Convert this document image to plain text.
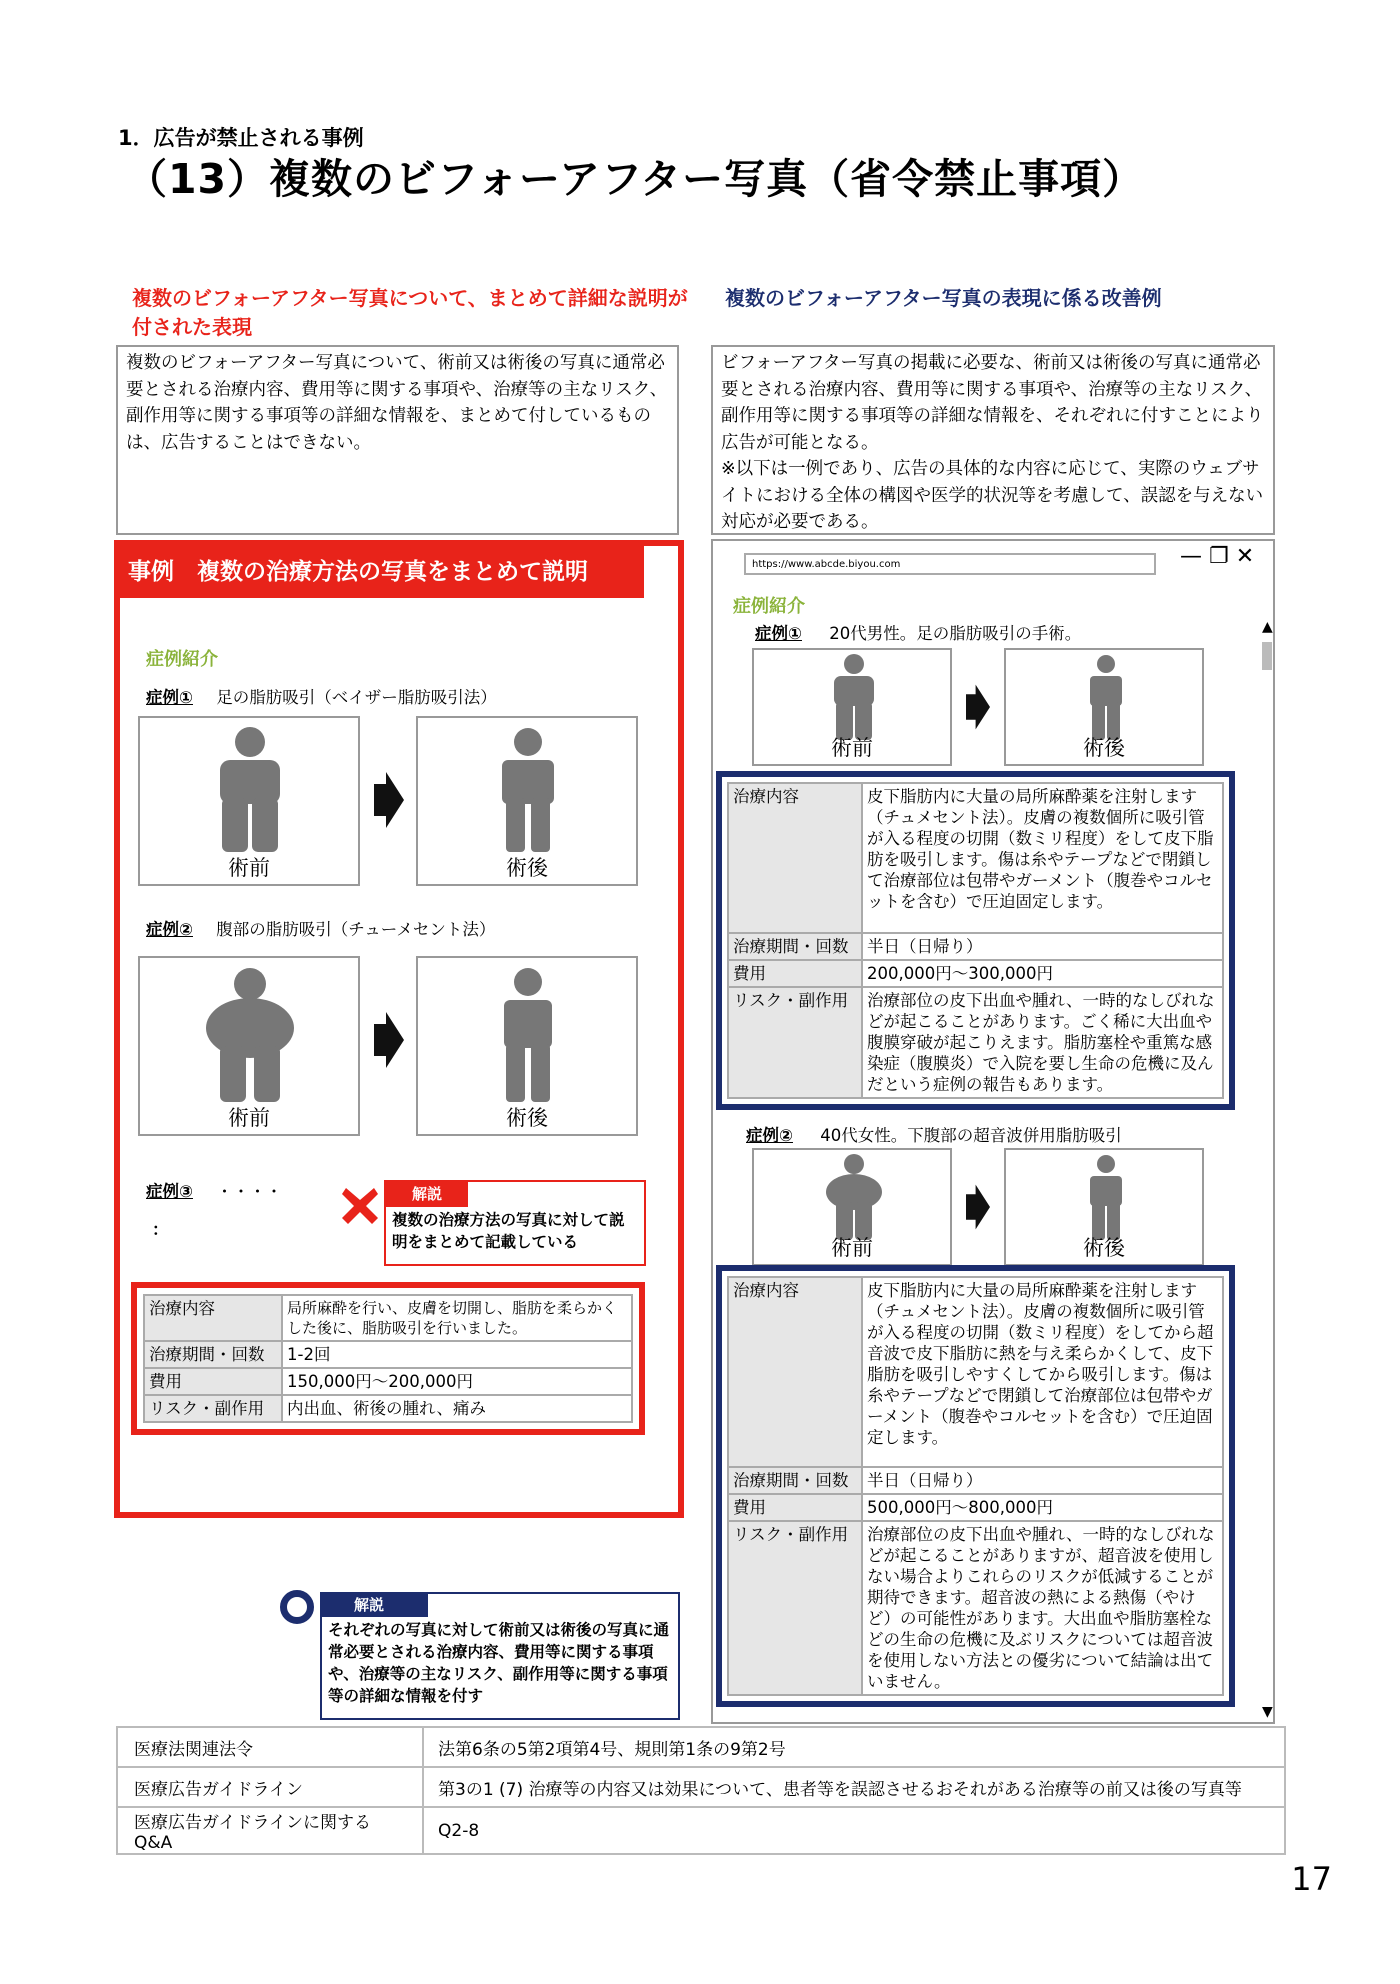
1．広告が禁止される事例
（13）複数のビフォーアフター写真（省令禁止事項）
複数のビフォーアフター写真について、まとめて詳細な説明が付された表現
複数のビフォーアフター写真の表現に係る改善例
複数のビフォーアフター写真について、術前又は術後の写真に通常必要とされる治療内容、費用等に関する事項や、治療等の主なリスク、副作用等に関する事項等の詳細な情報を、まとめて付しているものは、広告することはできない。
ビフォーアフター写真の掲載に必要な、術前又は術後の写真に通常必要とされる治療内容、費用等に関する事項や、治療等の主なリスク、副作用等に関する事項等の詳細な情報を、それぞれに付すことにより広告が可能となる。
※以下は一例であり、広告の具体的な内容に応じて、実際のウェブサイトにおける全体の構図や医学的状況等を考慮して、誤認を与えない対応が必要である。
事例　複数の治療方法の写真をまとめて説明
症例紹介
症例① 足の脂肪吸引（ベイザー脂肪吸引法）
術前	術後
症例② 腹部の脂肪吸引（チューメセント法）
術前	術後
症例③ ・・・・
：
解説
複数の治療方法の写真に対して説明をまとめて記載している
治療内容	局所麻酔を行い、皮膚を切開し、脂肪を柔らかくした後に、脂肪吸引を行いました。
治療期間・回数	1-2回
費用	150,000円～200,000円
リスク・副作用	内出血、術後の腫れ、痛み
解説
それぞれの写真に対して術前又は術後の写真に通常必要とされる治療内容、費用等に関する事項や、治療等の主なリスク、副作用等に関する事項等の詳細な情報を付す
https://www.abcde.biyou.com	— ❐ ✕
▲
▼
症例紹介
症例① 20代男性。足の脂肪吸引の手術。
術前	術後
治療内容	皮下脂肪内に大量の局所麻酔薬を注射します（チュメセント法）。皮膚の複数個所に吸引管が入る程度の切開（数ミリ程度）をして皮下脂肪を吸引します。傷は糸やテープなどで閉鎖して治療部位は包帯やガーメント（腹巻やコルセットを含む）で圧迫固定します。
治療期間・回数	半日（日帰り）
費用	200,000円～300,000円
リスク・副作用	治療部位の皮下出血や腫れ、一時的なしびれなどが起こることがあります。ごく稀に大出血や腹膜穿破が起こりえます。脂肪塞栓や重篤な感染症（腹膜炎）で入院を要し生命の危機に及んだという症例の報告もあります。
症例② 40代女性。下腹部の超音波併用脂肪吸引
術前	術後
治療内容	皮下脂肪内に大量の局所麻酔薬を注射します（チュメセント法）。皮膚の複数個所に吸引管が入る程度の切開（数ミリ程度）をしてから超音波で皮下脂肪に熱を与え柔らかくして、皮下脂肪を吸引しやすくしてから吸引します。傷は糸やテープなどで閉鎖して治療部位は包帯やガーメント（腹巻やコルセットを含む）で圧迫固定します。
治療期間・回数	半日（日帰り）
費用	500,000円～800,000円
リスク・副作用	治療部位の皮下出血や腫れ、一時的なしびれなどが起こることがありますが、超音波を使用しない場合よりこれらのリスクが低減することが期待できます。超音波の熱による熱傷（やけど）の可能性があります。大出血や脂肪塞栓などの生命の危機に及ぶリスクについては超音波を使用しない方法との優劣について結論は出ていません。
医療法関連法令	法第6条の5第2項第4号、規則第1条の9第2号
医療広告ガイドライン	第3の1 (7) 治療等の内容又は効果について、患者等を誤認させるおそれがある治療等の前又は後の写真等
医療広告ガイドラインに関するQ&A	Q2-8
17
